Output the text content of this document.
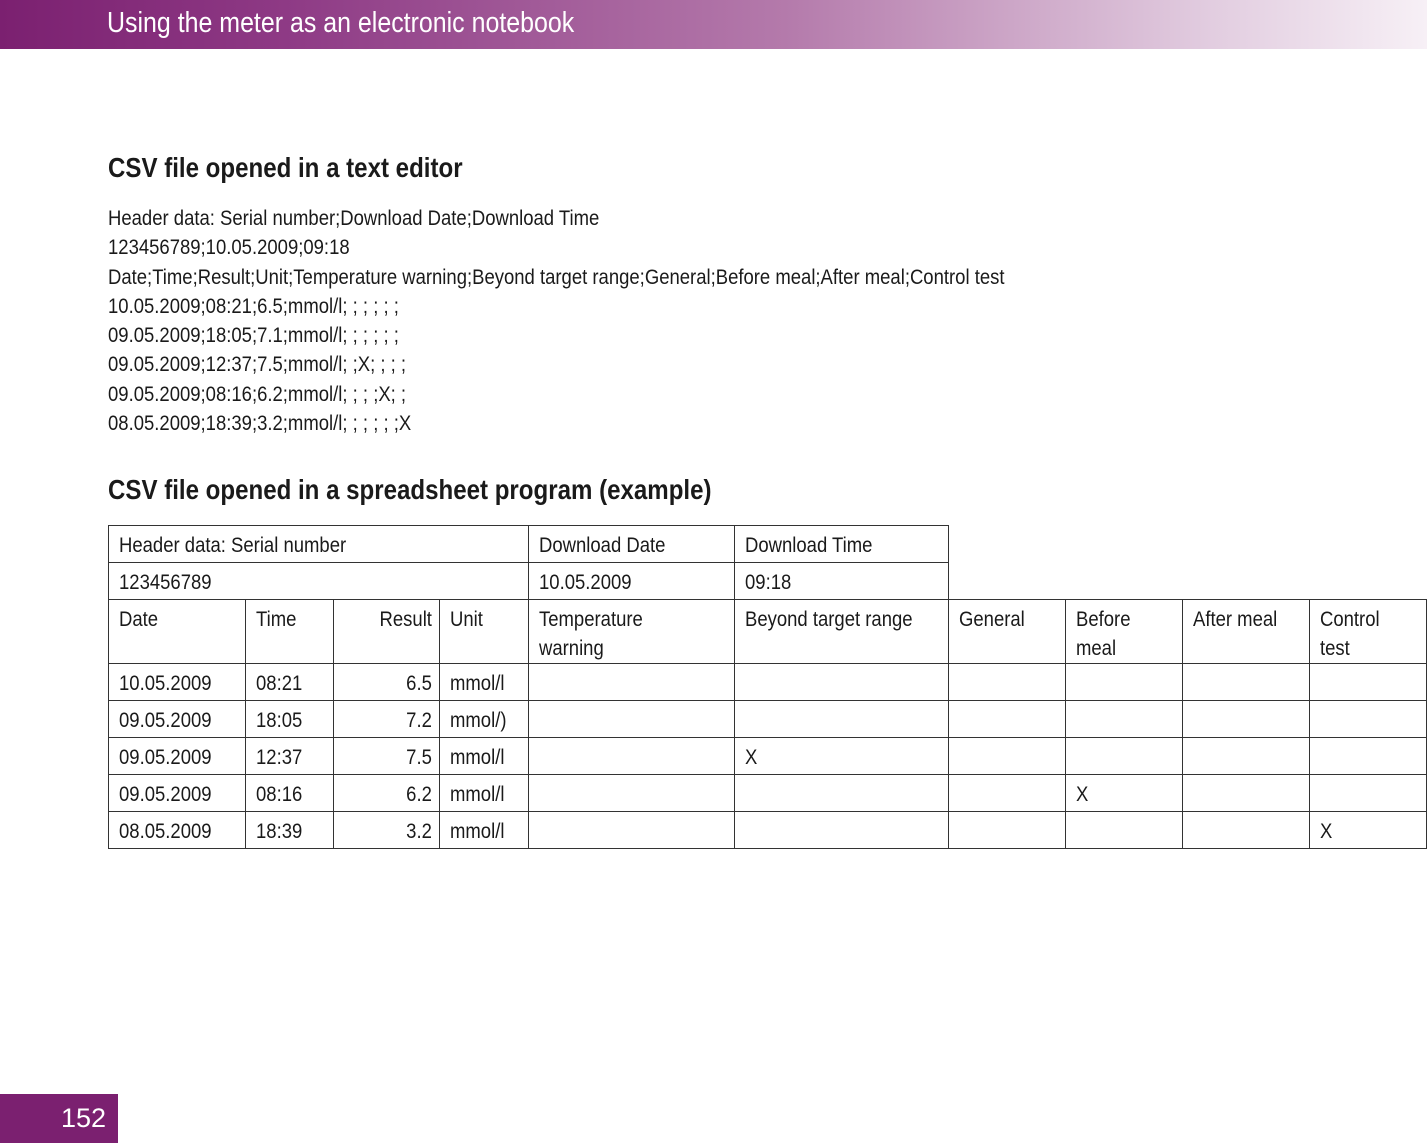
Using the meter as an electronic notebook
CSV file opened in a text editor
Header data: Serial number;Download Date;Download Time
123456789;10.05.2009;09:18
Date;Time;Result;Unit;Temperature warning;Beyond target range;General;Before meal;After meal;Control test
10.05.2009;08:21;6.5;mmol/l; ; ; ; ; ;
09.05.2009;18:05;7.1;mmol/l; ; ; ; ; ;
09.05.2009;12:37;7.5;mmol/l; ;X; ; ; ;
09.05.2009;08:16;6.2;mmol/l; ; ; ;X; ;
08.05.2009;18:39;3.2;mmol/l; ; ; ; ; ;X
CSV file opened in a spreadsheet program (example)
Header data: Serial number				Download Date	Download Time				
123456789				10.05.2009	09:18				

Date	Time	Result	Unit	Temperature warning	Beyond target range	General	Before meal	After meal	Control test

10.05.2009	08:21	6.5	mmol/l						
09.05.2009	18:05	7.2	mmol/)						
09.05.2009	12:37	7.5	mmol/l		X				
09.05.2009	08:16	6.2	mmol/l				X		
08.05.2009	18:39	3.2	mmol/l						X
152
